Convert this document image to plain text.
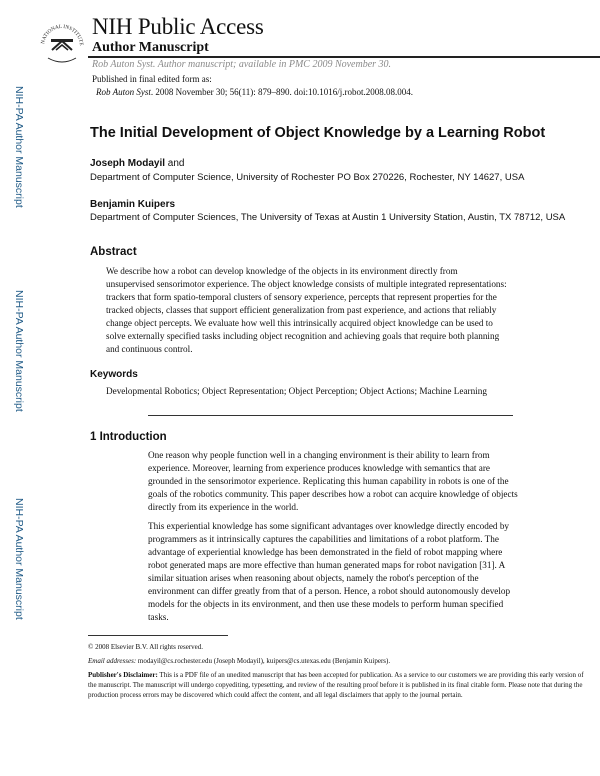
NATIONAL INSTITUTE
NIH Public Access
Author Manuscript
Rob Auton Syst. Author manuscript; available in PMC 2009 November 30.
Published in final edited form as:
Rob Auton Syst. 2008 November 30; 56(11): 879–890. doi:10.1016/j.robot.2008.08.004.
NIH-PA Author Manuscript
NIH-PA Author Manuscript
NIH-PA Author Manuscript
The Initial Development of Object Knowledge by a Learning Robot
Joseph Modayil and
Department of Computer Science, University of Rochester PO Box 270226, Rochester, NY 14627, USA
Benjamin Kuipers
Department of Computer Sciences, The University of Texas at Austin 1 University Station, Austin, TX 78712, USA
Abstract
We describe how a robot can develop knowledge of the objects in its environment directly from unsupervised sensorimotor experience. The object knowledge consists of multiple integrated representations: trackers that form spatio-temporal clusters of sensory experience, percepts that represent properties for the tracked objects, classes that support efficient generalization from past experience, and actions that reliably change object percepts. We evaluate how well this intrinsically acquired object knowledge can be used to solve externally specified tasks including object recognition and achieving goals that require both planning and continuous control.
Keywords
Developmental Robotics; Object Representation; Object Perception; Object Actions; Machine Learning
1 Introduction
One reason why people function well in a changing environment is their ability to learn from experience. Moreover, learning from experience produces knowledge with semantics that are grounded in the sensorimotor experience. Replicating this human capability in robots is one of the goals of the robotics community. This paper describes how a robot can acquire knowledge of objects directly from its experience in the world.
This experiential knowledge has some significant advantages over knowledge directly encoded by programmers as it intrinsically captures the capabilities and limitations of a robot platform. The advantage of experiential knowledge has been demonstrated in the field of robot mapping where robot generated maps are more effective than human generated maps for robot navigation [31]. A similar situation arises when reasoning about objects, namely the robot's perception of the environment can differ greatly from that of a person. Hence, a robot should autonomously develop models for the objects in its environment, and then use these models to perform human specified tasks.
© 2008 Elsevier B.V. All rights reserved.
Email addresses: modayil@cs.rochester.edu (Joseph Modayil), kuipers@cs.utexas.edu (Benjamin Kuipers).
Publisher's Disclaimer: This is a PDF file of an unedited manuscript that has been accepted for publication. As a service to our customers we are providing this early version of the manuscript. The manuscript will undergo copyediting, typesetting, and review of the resulting proof before it is published in its final citable form. Please note that during the production process errors may be discovered which could affect the content, and all legal disclaimers that apply to the journal pertain.
